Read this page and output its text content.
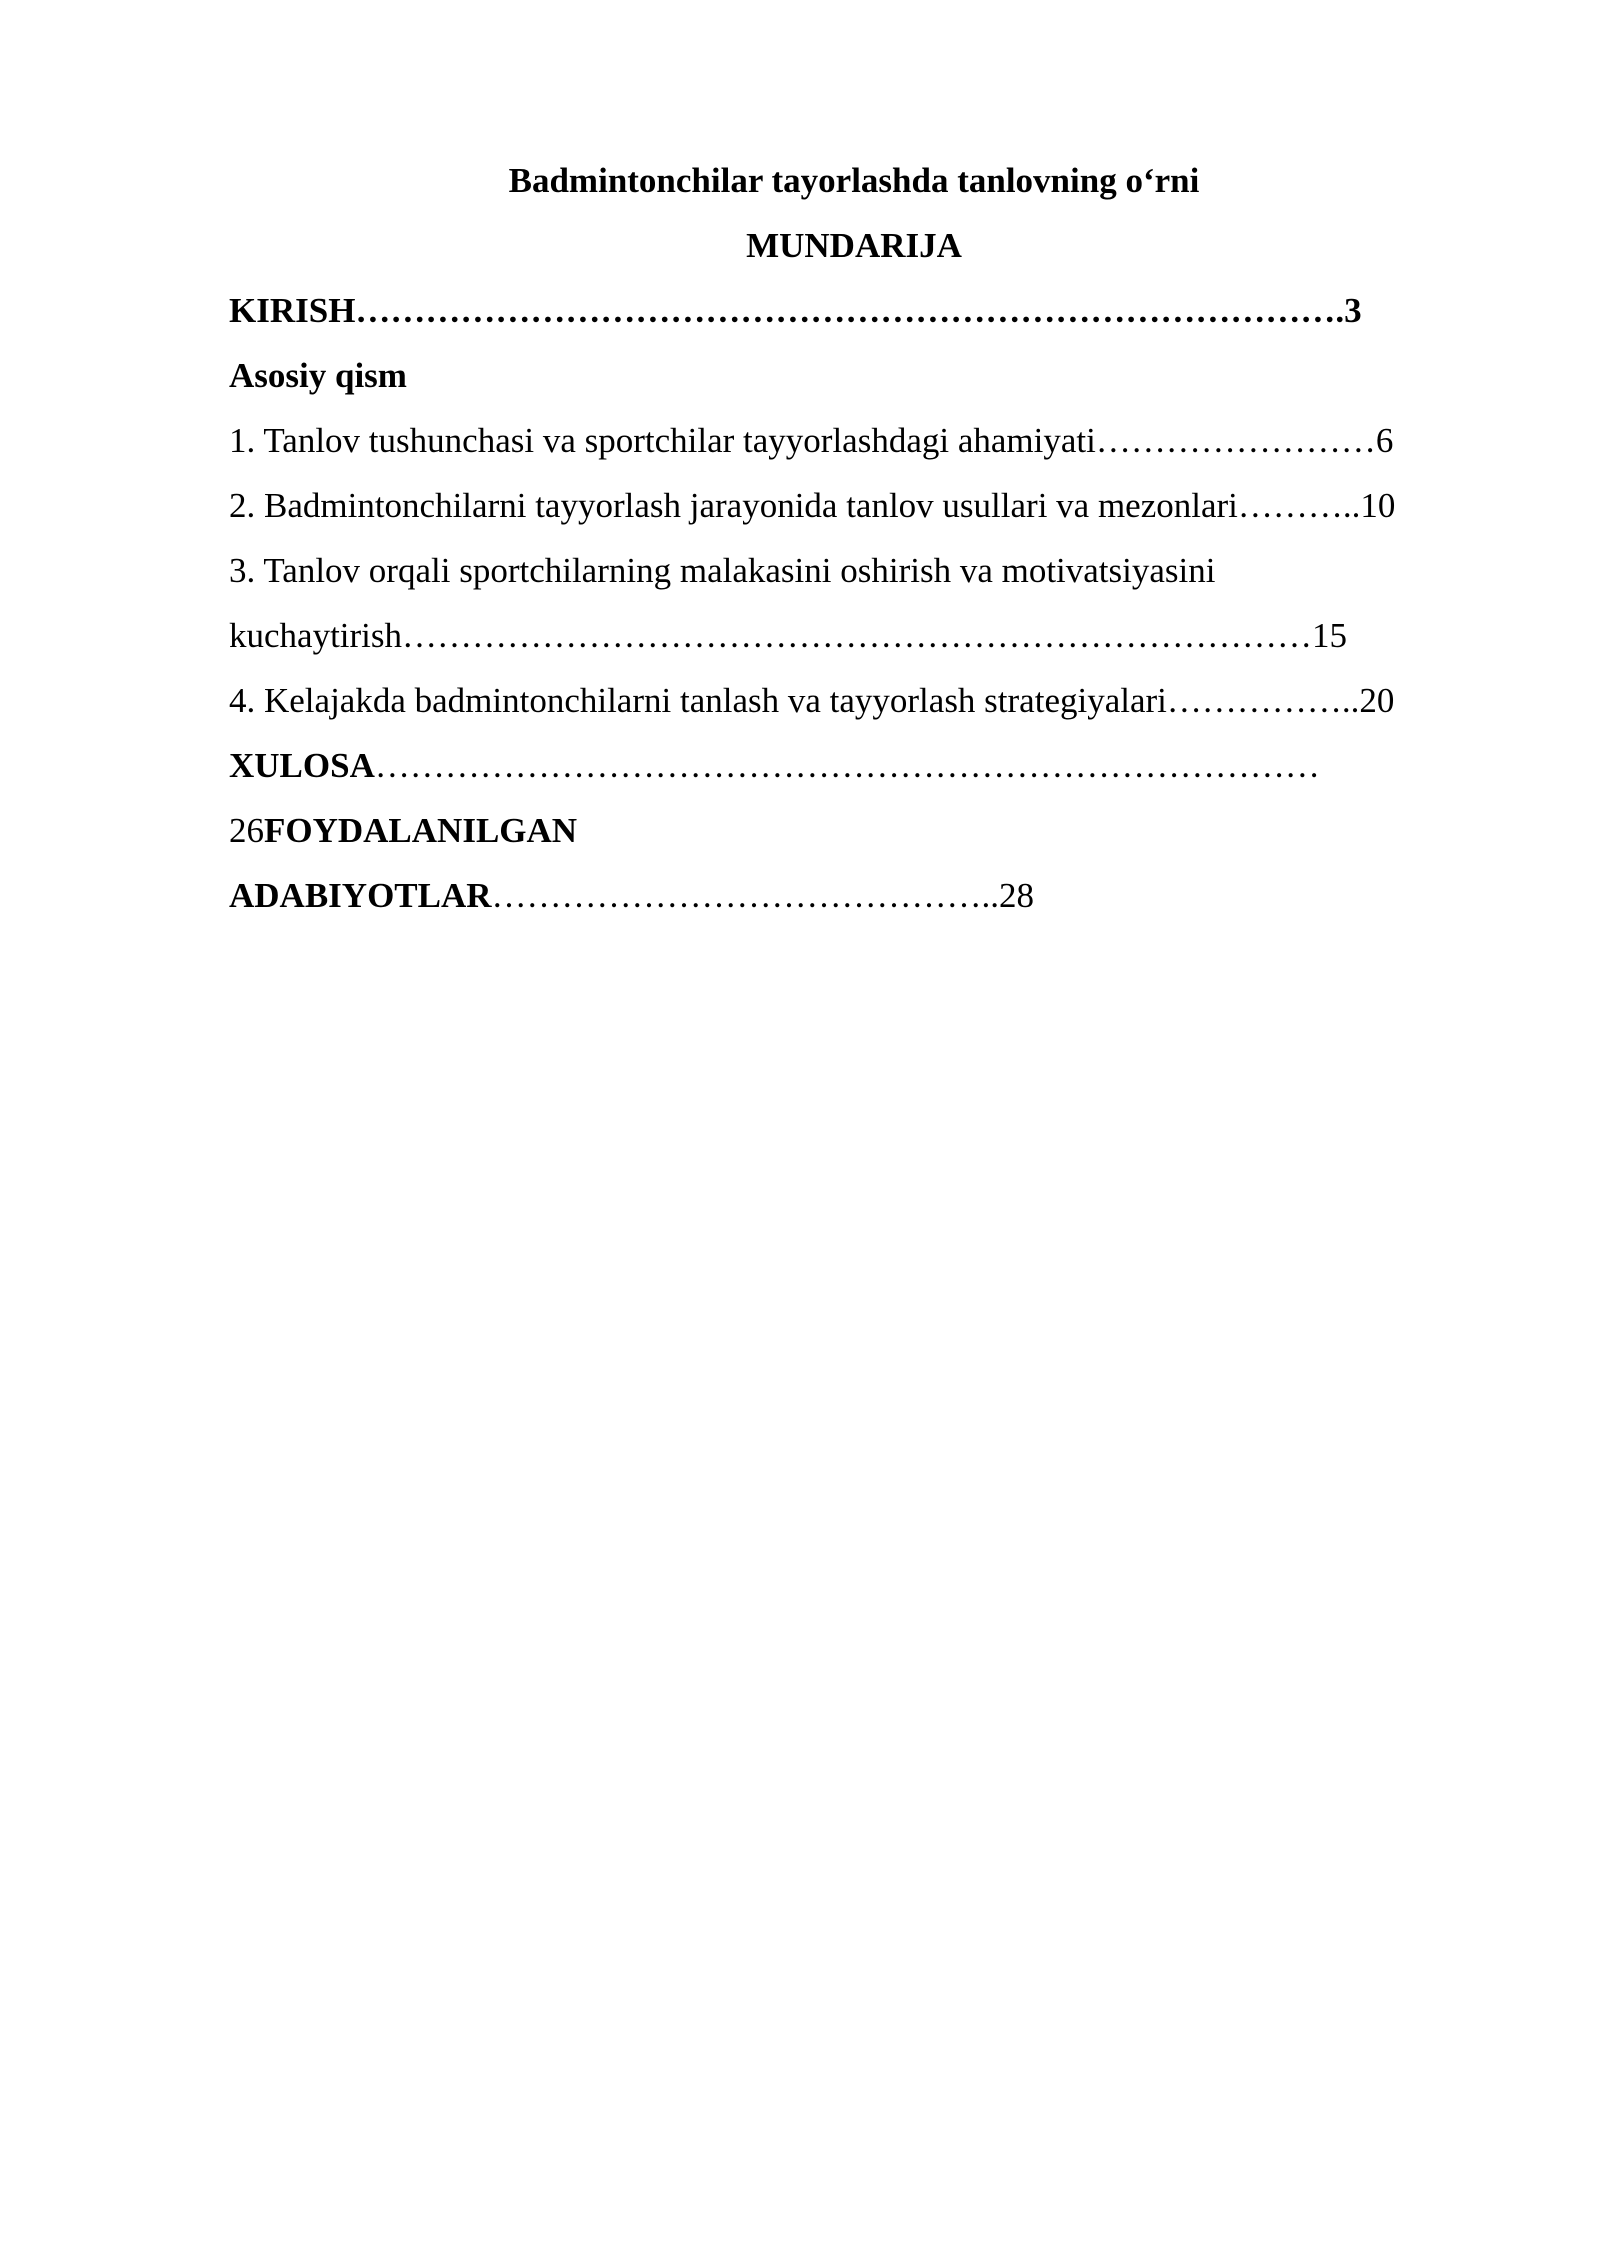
Badmintonchilar tayorlashda tanlovning o‘rni
MUNDARIJA
KIRISH………………………………………………………………………….3
Asosiy qism
1. Tanlov tushunchasi va sportchilar tayyorlashdagi ahamiyati……………………6
2. Badmintonchilarni tayyorlash jarayonida tanlov usullari va mezonlari………..10
3. Tanlov orqali sportchilarning malakasini oshirish va motivatsiyasini
kuchaytirish……………………………………………………………………15
4. Kelajakda badmintonchilarni tanlash va tayyorlash strategiyalari……………..20
XULOSA………………………………………………………………………
26FOYDALANILGAN
ADABIYOTLAR……………………………………..28
